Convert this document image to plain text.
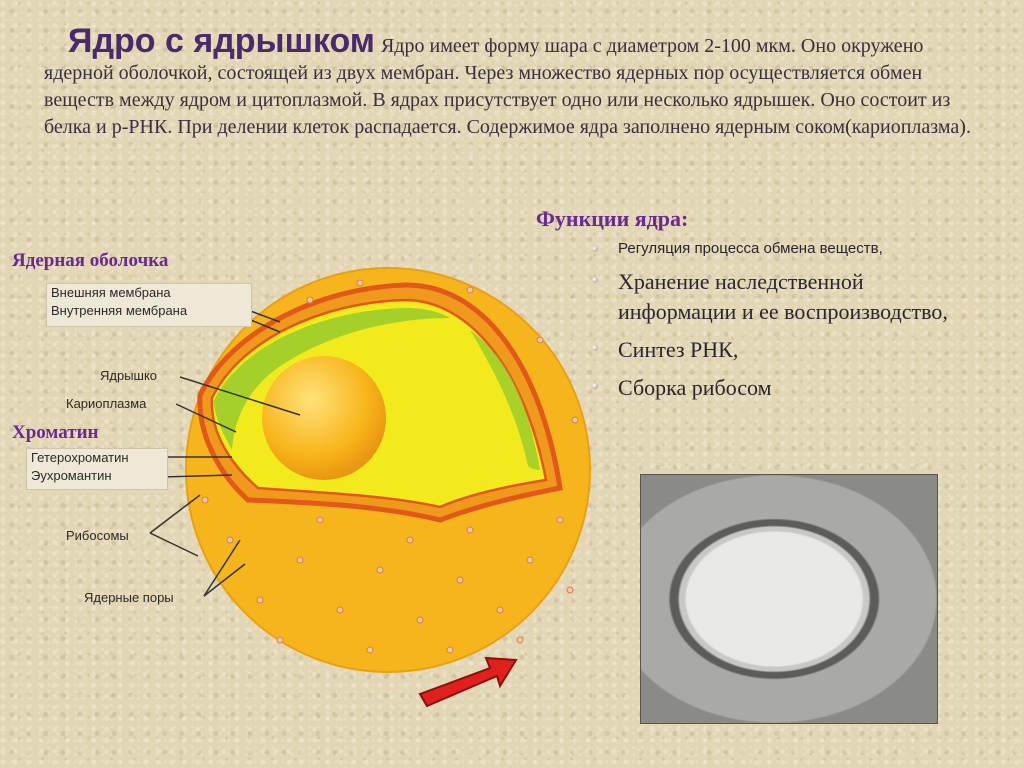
Ядро с ядрышком Ядро имеет форму шара с диаметром 2-100 мкм. Оно окружено ядерной оболочкой, состоящей из двух мембран. Через множество ядерных пор осуществляется обмен веществ между ядром и цитоплазмой. В ядрах присутствует одно или несколько ядрышек. Оно состоит из белка и р-РНК. При делении клеток распадается. Содержимое ядра заполнено ядерным соком(кариоплазма).
Функции ядра:
Регуляция процесса обмена веществ,
Хранение наследственной информации и ее воспроизводство,
Синтез РНК,
Сборка рибосом
Ядерная оболочка
Внешняя мембрана
Внутренняя мембрана
Ядрышко
Кариоплазма
Хроматин
Гетерохроматин
Эухромантин
Рибосомы
Ядерные поры
